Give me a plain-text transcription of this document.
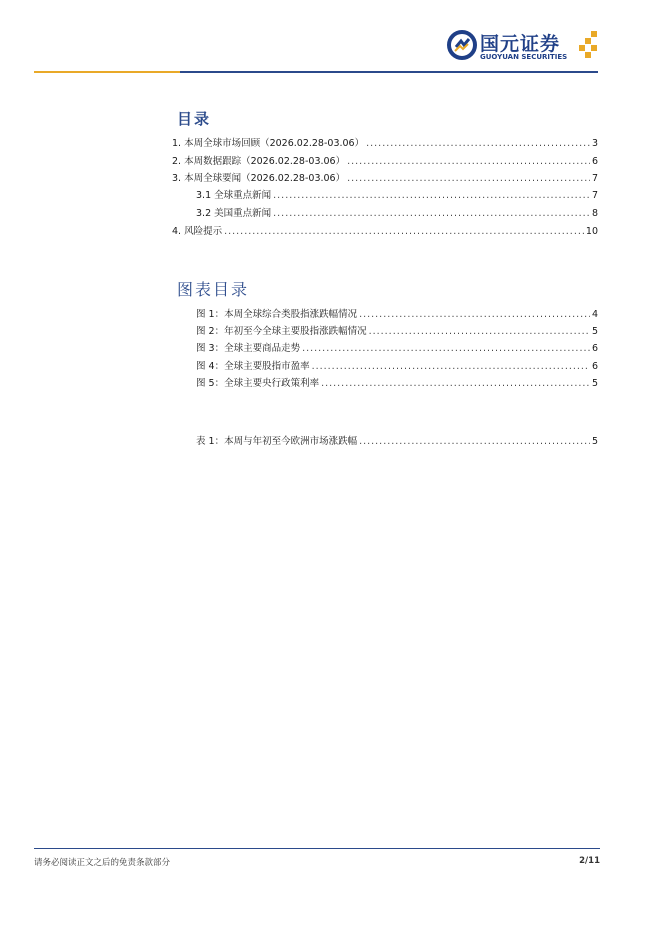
国元证券
GUOYUAN SECURITIES
目录
1. 本周全球市场回顾（2026.02.28-03.06） .....	3
2. 本周数据跟踪（2026.02.28-03.06） .....	6
3. 本周全球要闻（2026.02.28-03.06） .....	7
3.1 全球重点新闻 .....	7
3.2 美国重点新闻 .....	8
4. 风险提示 .....	10
图表目录
图 1：本周全球综合类股指涨跌幅情况 .....	4
图 2：年初至今全球主要股指涨跌幅情况 .....	5
图 3：全球主要商品走势 .....	6
图 4：全球主要股指市盈率 .....	6
图 5：全球主要央行政策利率 .....	5
表 1：本周与年初至今欧洲市场涨跌幅 .....	5
请务必阅读正文之后的免责条款部分	2/11
